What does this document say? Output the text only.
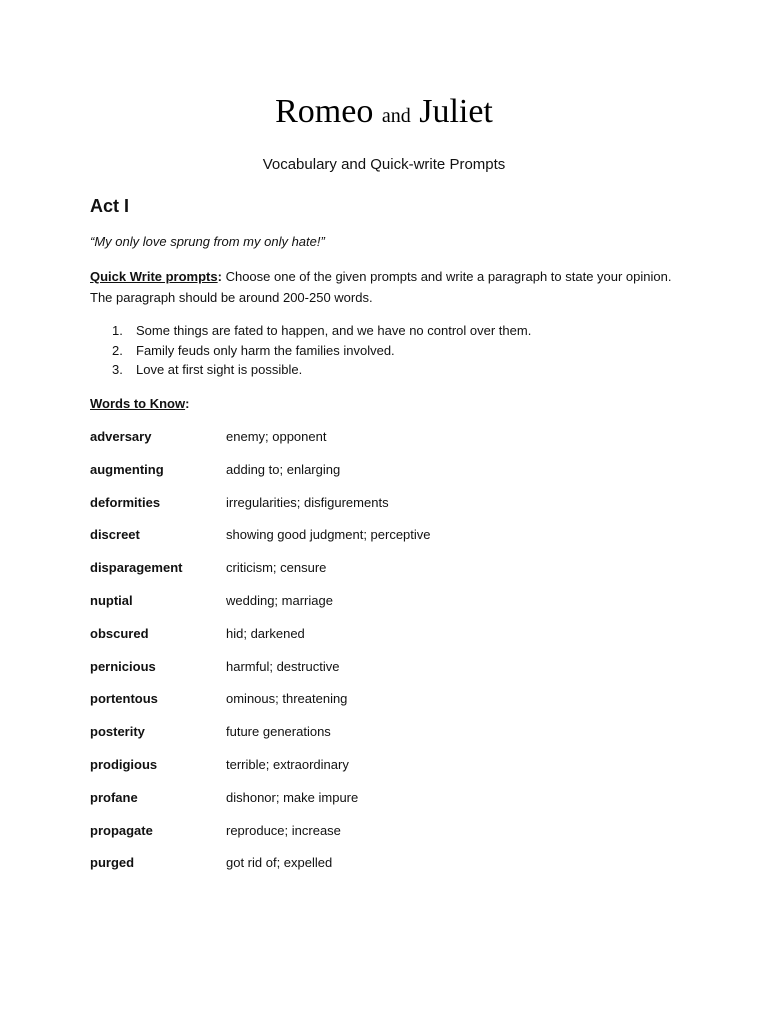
Romeo and Juliet
Vocabulary and Quick-write Prompts
Act I
“My only love sprung from my only hate!”
Quick Write prompts: Choose one of the given prompts and write a paragraph to state your opinion. The paragraph should be around 200-250 words.
1. Some things are fated to happen, and we have no control over them.
2. Family feuds only harm the families involved.
3. Love at first sight is possible.
Words to Know:
adversary	enemy; opponent
augmenting	adding to; enlarging
deformities	irregularities; disfigurements
discreet	showing good judgment; perceptive
disparagement	criticism; censure
nuptial	wedding; marriage
obscured	hid; darkened
pernicious	harmful; destructive
portentous	ominous; threatening
posterity	future generations
prodigious	terrible; extraordinary
profane	dishonor; make impure
propagate	reproduce; increase
purged	got rid of; expelled
